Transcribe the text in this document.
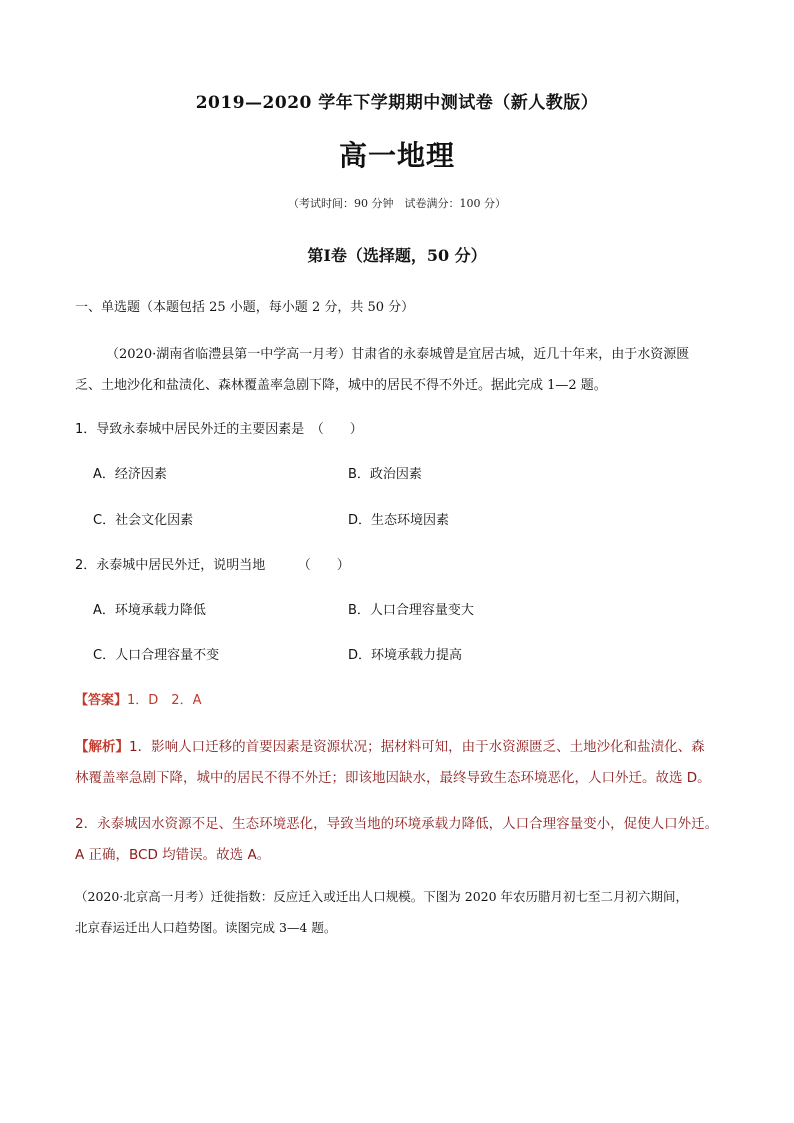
2019—2020 学年下学期期中测试卷（新人教版）
高一地理
（考试时间：90 分钟　试卷满分：100 分）
第Ⅰ卷（选择题，50 分）
一、单选题（本题包括 25 小题，每小题 2 分，共 50 分）
（2020·湖南省临澧县第一中学高一月考）甘肃省的永泰城曾是宜居古城，近几十年来，由于水资源匮
乏、土地沙化和盐渍化、森林覆盖率急剧下降，城中的居民不得不外迁。据此完成 1—2 题。
1．导致永泰城中居民外迁的主要因素是　（　　）
A．经济因素	B．政治因素
C．社会文化因素	D．生态环境因素
2．永泰城中居民外迁，说明当地　　　（　　）
A．环境承载力降低	B．人口合理容量变大
C．人口合理容量不变	D．环境承载力提高
【答案】1．D　2．A
【解析】1．影响人口迁移的首要因素是资源状况；据材料可知，由于水资源匮乏、土地沙化和盐渍化、森
林覆盖率急剧下降，城中的居民不得不外迁；即该地因缺水，最终导致生态环境恶化，人口外迁。故选 D。
2．永泰城因水资源不足、生态环境恶化，导致当地的环境承载力降低，人口合理容量变小，促使人口外迁。
A 正确，BCD 均错误。故选 A。
（2020·北京高一月考）迁徙指数：反应迁入或迁出人口规模。下图为 2020 年农历腊月初七至二月初六期间，
北京春运迁出人口趋势图。读图完成 3—4 题。
